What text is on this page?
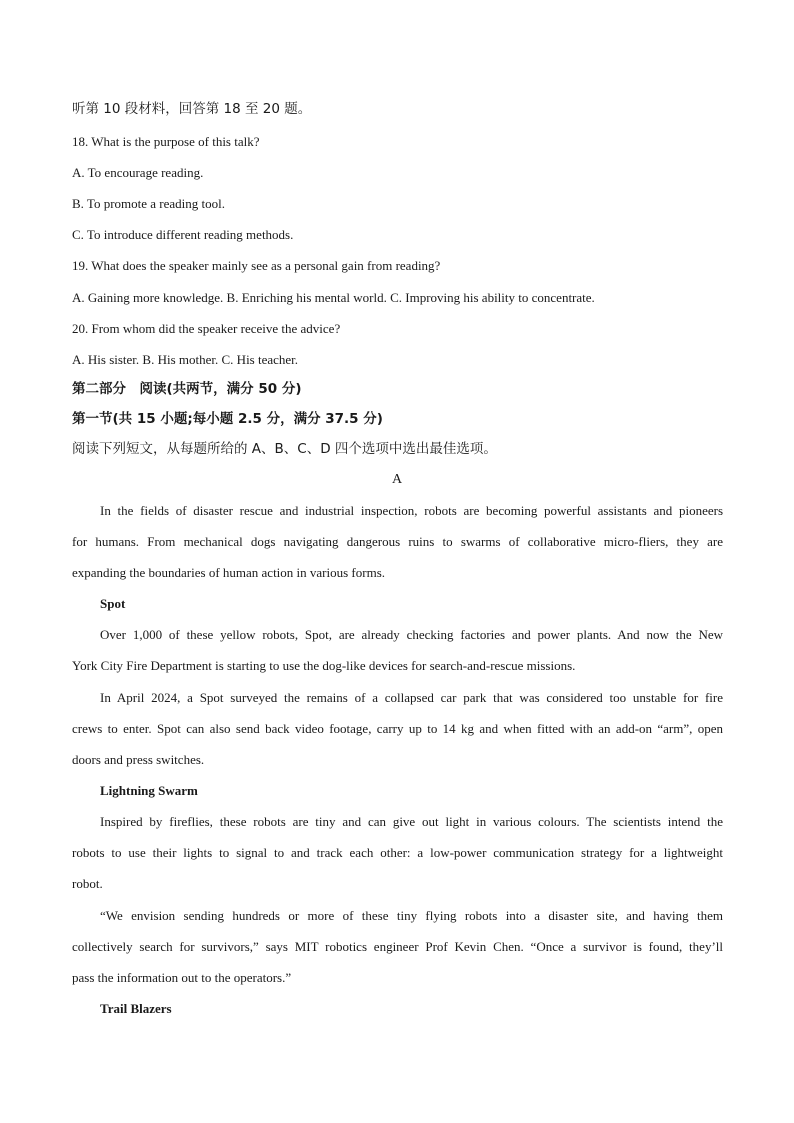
听第 10 段材料，回答第 18 至 20 题。
18. What is the purpose of this talk?
A. To encourage reading.
B. To promote a reading tool.
C. To introduce different reading methods.
19. What does the speaker mainly see as a personal gain from reading?
A. Gaining more knowledge. B. Enriching his mental world. C. Improving his ability to concentrate.
20. From whom did the speaker receive the advice?
A. His sister. B. His mother. C. His teacher.
第二部分　阅读(共两节，满分 50 分)
第一节(共 15 小题;每小题 2.5 分，满分 37.5 分)
阅读下列短文，从每题所给的 A、B、C、D 四个选项中选出最佳选项。
A
In the fields of disaster rescue and industrial inspection, robots are becoming powerful assistants and pioneers
for humans. From mechanical dogs navigating dangerous ruins to swarms of collaborative micro-fliers, they are
expanding the boundaries of human action in various forms.
Spot
Over 1,000 of these yellow robots, Spot, are already checking factories and power plants. And now the New
York City Fire Department is starting to use the dog-like devices for search-and-rescue missions.
In April 2024, a Spot surveyed the remains of a collapsed car park that was considered too unstable for fire
crews to enter. Spot can also send back video footage, carry up to 14 kg and when fitted with an add-on “arm”, open
doors and press switches.
Lightning Swarm
Inspired by fireflies, these robots are tiny and can give out light in various colours. The scientists intend the
robots to use their lights to signal to and track each other: a low-power communication strategy for a lightweight
robot.
“We envision sending hundreds or more of these tiny flying robots into a disaster site, and having them
collectively search for survivors,” says MIT robotics engineer Prof Kevin Chen. “Once a survivor is found, they’ll
pass the information out to the operators.”
Trail Blazers
